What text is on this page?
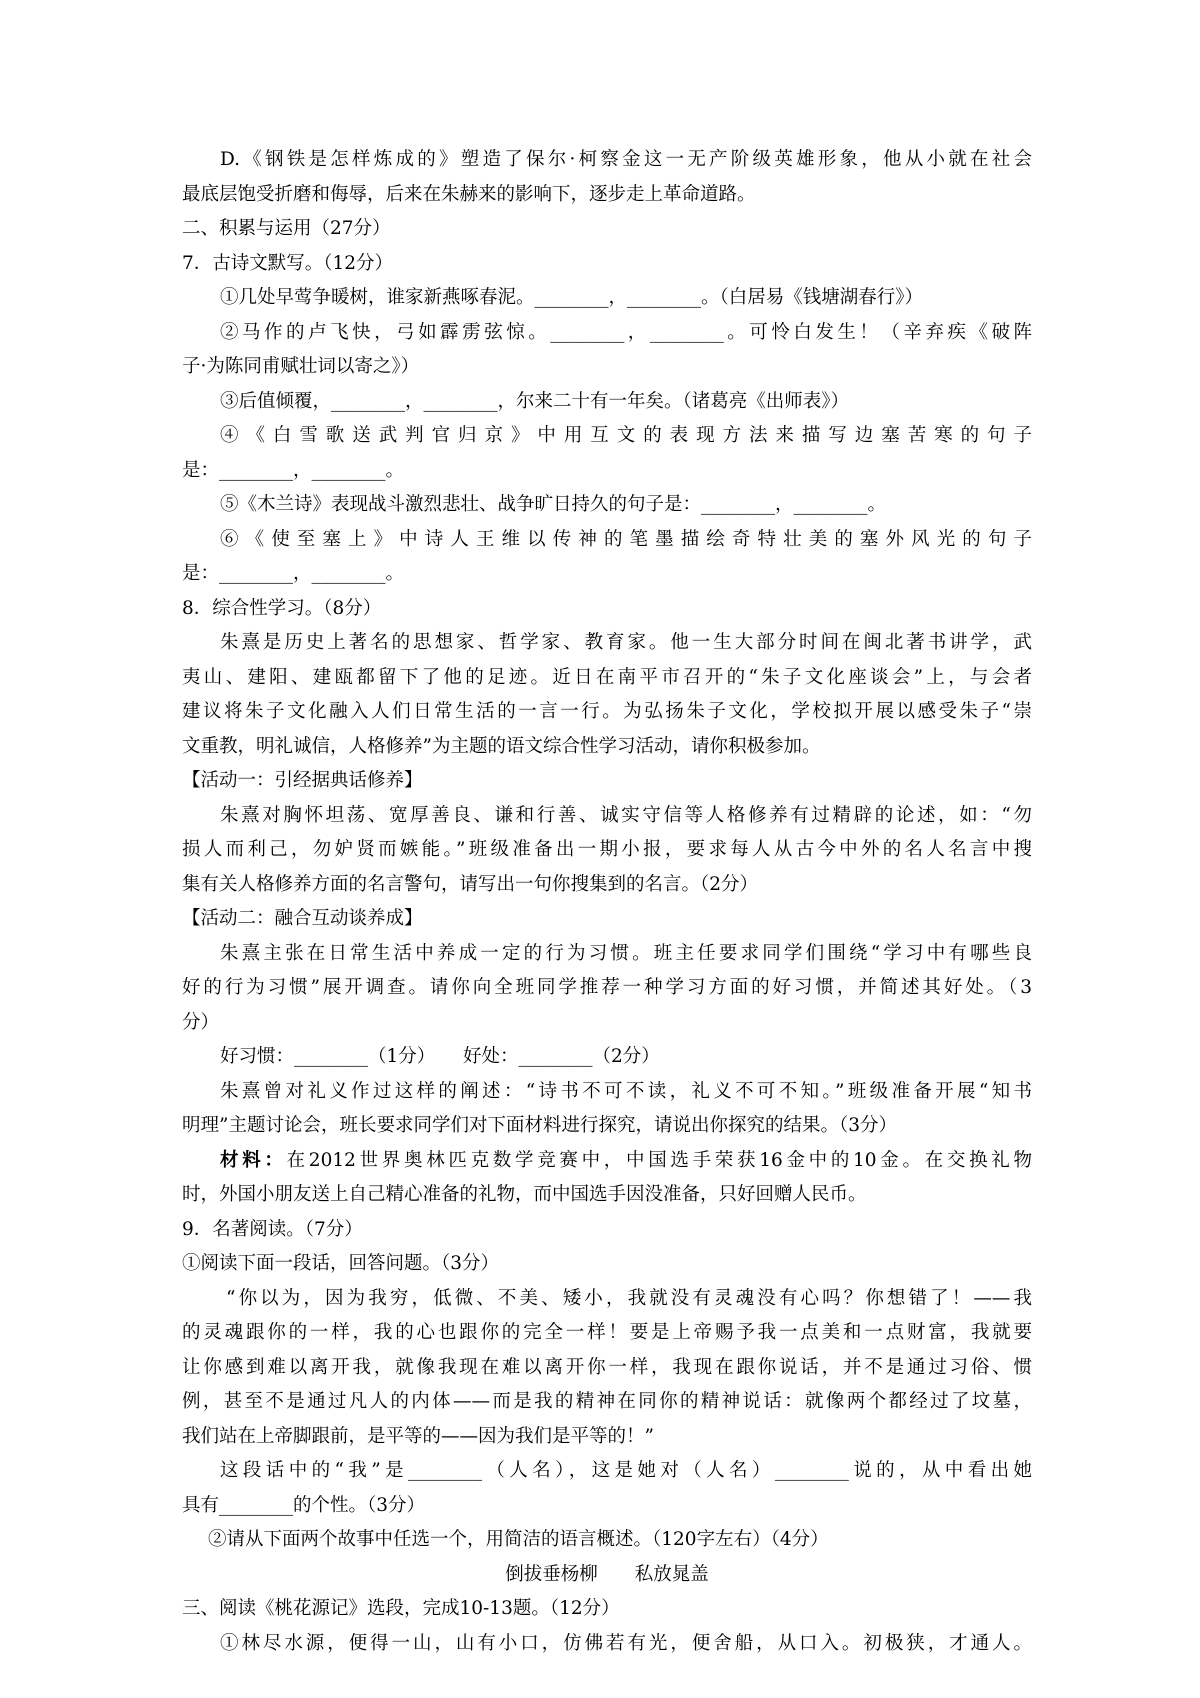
D.《钢铁是怎样炼成的》塑造了保尔·柯察金这一无产阶级英雄形象，他从小就在社会
最底层饱受折磨和侮辱，后来在朱赫来的影响下，逐步走上革命道路。
二、积累与运用（27分）
7．古诗文默写。（12分）
①几处早莺争暖树，谁家新燕啄春泥。________，________。（白居易《钱塘湖春行》）
②马作的卢飞快，弓如霹雳弦惊。________，________。可怜白发生！（辛弃疾《破阵
子·为陈同甫赋壮词以寄之》）
③后值倾覆，________，________，尔来二十有一年矣。（诸葛亮《出师表》）
④《白雪歌送武判官归京》中用互文的表现方法来描写边塞苦寒的句子
是：________，________。
⑤《木兰诗》表现战斗激烈悲壮、战争旷日持久的句子是：________，________。
⑥《使至塞上》中诗人王维以传神的笔墨描绘奇特壮美的塞外风光的句子
是：________，________。
8．综合性学习。（8分）
朱熹是历史上著名的思想家、哲学家、教育家。他一生大部分时间在闽北著书讲学，武
夷山、建阳、建瓯都留下了他的足迹。近日在南平市召开的“朱子文化座谈会”上，与会者
建议将朱子文化融入人们日常生活的一言一行。为弘扬朱子文化，学校拟开展以感受朱子“崇
文重教，明礼诚信，人格修养”为主题的语文综合性学习活动，请你积极参加。
【活动一：引经据典话修养】
朱熹对胸怀坦荡、宽厚善良、谦和行善、诚实守信等人格修养有过精辟的论述，如：“勿
损人而利己，勿妒贤而嫉能。”班级准备出一期小报，要求每人从古今中外的名人名言中搜
集有关人格修养方面的名言警句，请写出一句你搜集到的名言。（2分）
【活动二：融合互动谈养成】
朱熹主张在日常生活中养成一定的行为习惯。班主任要求同学们围绕“学习中有哪些良
好的行为习惯”展开调查。请你向全班同学推荐一种学习方面的好习惯，并简述其好处。（3
分）
好习惯：________（1分）　　好处：________（2分）
朱熹曾对礼义作过这样的阐述：“诗书不可不读，礼义不可不知。”班级准备开展“知书
明理”主题讨论会，班长要求同学们对下面材料进行探究，请说出你探究的结果。（3分）
材料：在2012世界奥林匹克数学竞赛中，中国选手荣获16金中的10金。在交换礼物
时，外国小朋友送上自己精心准备的礼物，而中国选手因没准备，只好回赠人民币。
9．名著阅读。（7分）
①阅读下面一段话，回答问题。（3分）
“你以为，因为我穷，低微、不美、矮小，我就没有灵魂没有心吗？你想错了！——我
的灵魂跟你的一样，我的心也跟你的完全一样！要是上帝赐予我一点美和一点财富，我就要
让你感到难以离开我，就像我现在难以离开你一样，我现在跟你说话，并不是通过习俗、惯
例，甚至不是通过凡人的内体——而是我的精神在同你的精神说话：就像两个都经过了坟墓，
我们站在上帝脚跟前，是平等的——因为我们是平等的！”
这段话中的“我”是________（人名），这是她对（人名）________说的，从中看出她
具有________的个性。（3分）
②请从下面两个故事中任选一个，用简洁的语言概述。（120字左右）（4分）
倒拔垂杨柳　　私放晁盖
三、阅读《桃花源记》选段，完成10-13题。（12分）
①林尽水源，便得一山，山有小口，仿佛若有光，便舍船，从口入。初极狭，才通人。
